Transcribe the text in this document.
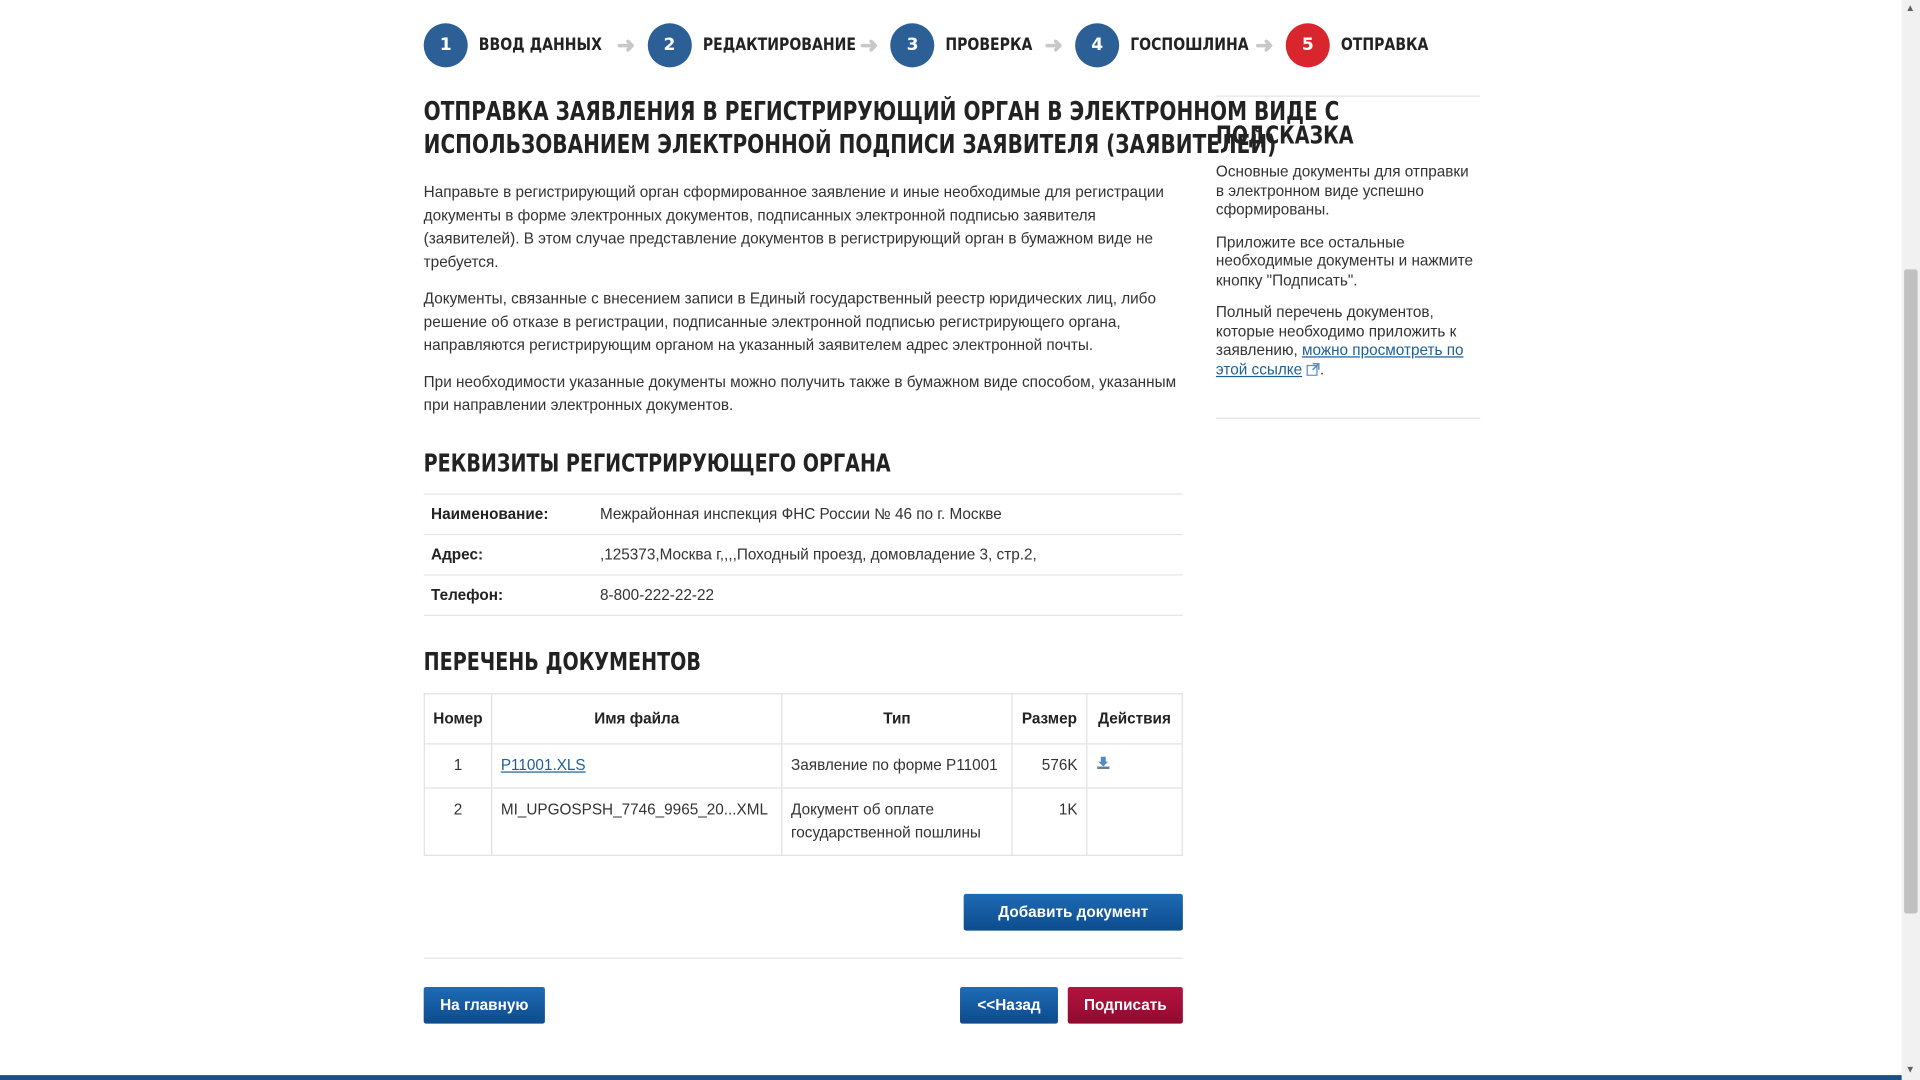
1	ВВОД ДАННЫХ ➜	2	РЕДАКТИРОВАНИЕ ➜	3	ПРОВЕРКА ➜	4	ГОСПОШЛИНА ➜	5	ОТПРАВКА
ОТПРАВКА ЗАЯВЛЕНИЯ В РЕГИСТРИРУЮЩИЙ ОРГАН В ЭЛЕКТРОННОМ ВИДЕ С
ИСПОЛЬЗОВАНИЕМ ЭЛЕКТРОННОЙ ПОДПИСИ ЗАЯВИТЕЛЯ (ЗАЯВИТЕЛЕЙ)

Направьте в регистрирующий орган сформированное заявление и иные необходимые для регистрации документы в форме электронных документов, подписанных электронной подписью заявителя (заявителей). В этом случае представление документов в регистрирующий орган в бумажном виде не требуется.

Документы, связанные с внесением записи в Единый государственный реестр юридических лиц, либо решение об отказе в регистрации, подписанные электронной подписью регистрирующего органа, направляются регистрирующим органом на указанный заявителем адрес электронной почты.

При необходимости указанные документы можно получить также в бумажном виде способом, указанным при направлении электронных документов.

РЕКВИЗИТЫ РЕГИСТРИРУЮЩЕГО ОРГАНА
Наименование:	Межрайонная инспекция ФНС России № 46 по г. Москве
Адрес:	,125373,Москва г,,,,Походный проезд, домовладение 3, стр.2,
Телефон:	8-800-222-22-22
ПЕРЕЧЕНЬ ДОКУМЕНТОВ
Номер	Имя файла	Тип	Размер	Действия
1	P11001.XLS	Заявление по форме Р11001	576K	
2	MI_UPGOSPSH_7746_9965_20...XML	Документ об оплате государственной пошлины	1K	
Добавить документ
На главную	<<Назад	Подписать
ПОДСКАЗКА

Основные документы для отправки в электронном виде успешно сформированы.

Приложите все остальные необходимые документы и нажмите кнопку "Подписать".

Полный перечень документов, которые необходимо приложить к заявлению, можно просмотреть по этой ссылке .

▲
▼
